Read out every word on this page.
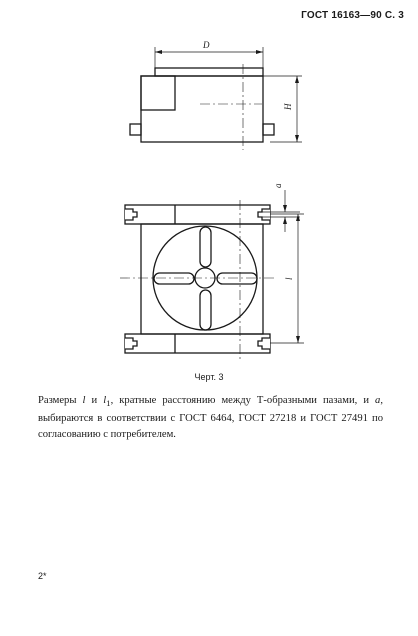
ГОСТ 16163—90 С. 3
D
H
a
l
Черт. 3
Размеры l и $l_1$, кратные расстоянию между Т-образными пазами, и a, выбираются в соответствии с ГОСТ 6464, ГОСТ 27218 и ГОСТ 27491 по согласованию с потребителем.
2*
